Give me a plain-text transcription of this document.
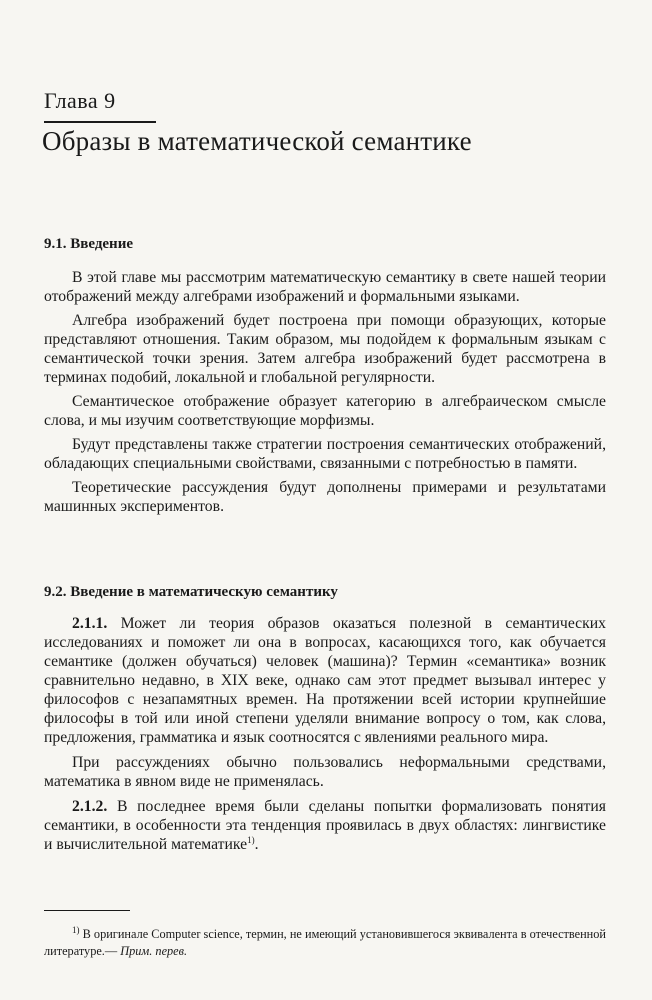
Глава 9
Образы в математической семантике
9.1. Введение

В этой главе мы рассмотрим математическую семантику в свете нашей теории отображений между алгебрами изображений и формальными языками.

Алгебра изображений будет построена при помощи образующих, которые представляют отношения. Таким образом, мы подойдем к формальным языкам с семантической точки зрения. Затем алгебра изображений будет рассмотрена в терминах подобий, локальной и глобальной регулярности.

Семантическое отображение образует категорию в алгебраическом смысле слова, и мы изучим соответствующие морфизмы.

Будут представлены также стратегии построения семантических отображений, обладающих специальными свойствами, связанными с потребностью в памяти.

Теоретические рассуждения будут дополнены примерами и результатами машинных экспериментов.

9.2. Введение в математическую семантику

2.1.1. Может ли теория образов оказаться полезной в семантических исследованиях и поможет ли она в вопросах, касающихся того, как обучается семантике (должен обучаться) человек (машина)? Термин «семантика» возник сравнительно недавно, в XIX веке, однако сам этот предмет вызывал интерес у философов с незапамятных времен. На протяжении всей истории крупнейшие философы в той или иной степени уделяли внимание вопросу о том, как слова, предложения, грамматика и язык соотносятся с явлениями реального мира.

При рассуждениях обычно пользовались неформальными средствами, математика в явном виде не применялась.

2.1.2. В последнее время были сделаны попытки формализовать понятия семантики, в особенности эта тенденция проявилась в двух областях: лингвистике и вычислительной математике$^{1)}$.

$^{1)}$ В оригинале Computer science, термин, не имеющий установившегося эквивалента в отечественной литературе.— Прим. перев.
